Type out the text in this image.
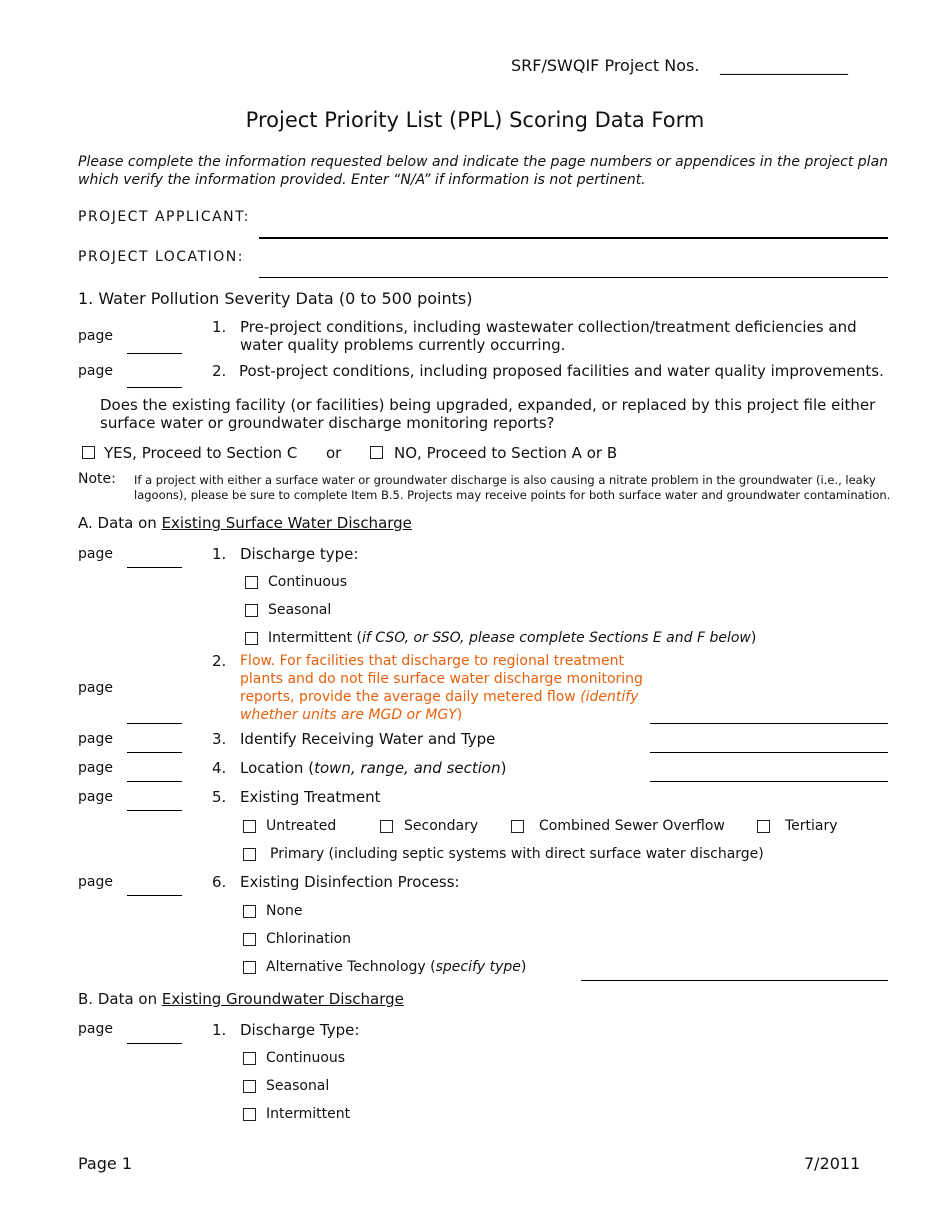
SRF/SWQIF Project Nos. ________________
Project Priority List (PPL) Scoring Data Form
Please complete the information requested below and indicate the page numbers or appendices in the project plan
which verify the information provided. Enter “N/A” if information is not pertinent.
PROJECT APPLICANT:
PROJECT LOCATION:
1. Water Pollution Severity Data (0 to 500 points)
page	1. Pre-project conditions, including wastewater collection/treatment deficiencies and
water quality problems currently occurring.
page	2. Post-project conditions, including proposed facilities and water quality improvements.
Does the existing facility (or facilities) being upgraded, expanded, or replaced by this project file either
surface water or groundwater discharge monitoring reports?
YES, Proceed to Section C or	NO, Proceed to Section A or B
Note: If a project with either a surface water or groundwater discharge is also causing a nitrate problem in the groundwater (i.e., leaky
lagoons), please be sure to complete Item B.5. Projects may receive points for both surface water and groundwater contamination.
A. Data on Existing Surface Water Discharge
page	1. Discharge type:
Continuous
Seasonal
Intermittent (if CSO, or SSO, please complete Sections E and F below)
2. Flow. For facilities that discharge to regional treatment
plants and do not file surface water discharge monitoring
reports, provide the average daily metered flow (identify
whether units are MGD or MGY)
page
page	3. Identify Receiving Water and Type
page	4. Location (town, range, and section)
page	5. Existing Treatment
Untreated	Secondary	Combined Sewer Overflow	Tertiary
Primary (including septic systems with direct surface water discharge)
page	6. Existing Disinfection Process:
None
Chlorination
Alternative Technology (specify type)
B. Data on Existing Groundwater Discharge
page	1. Discharge Type:
Continuous
Seasonal
Intermittent
Page 1	7/2011
